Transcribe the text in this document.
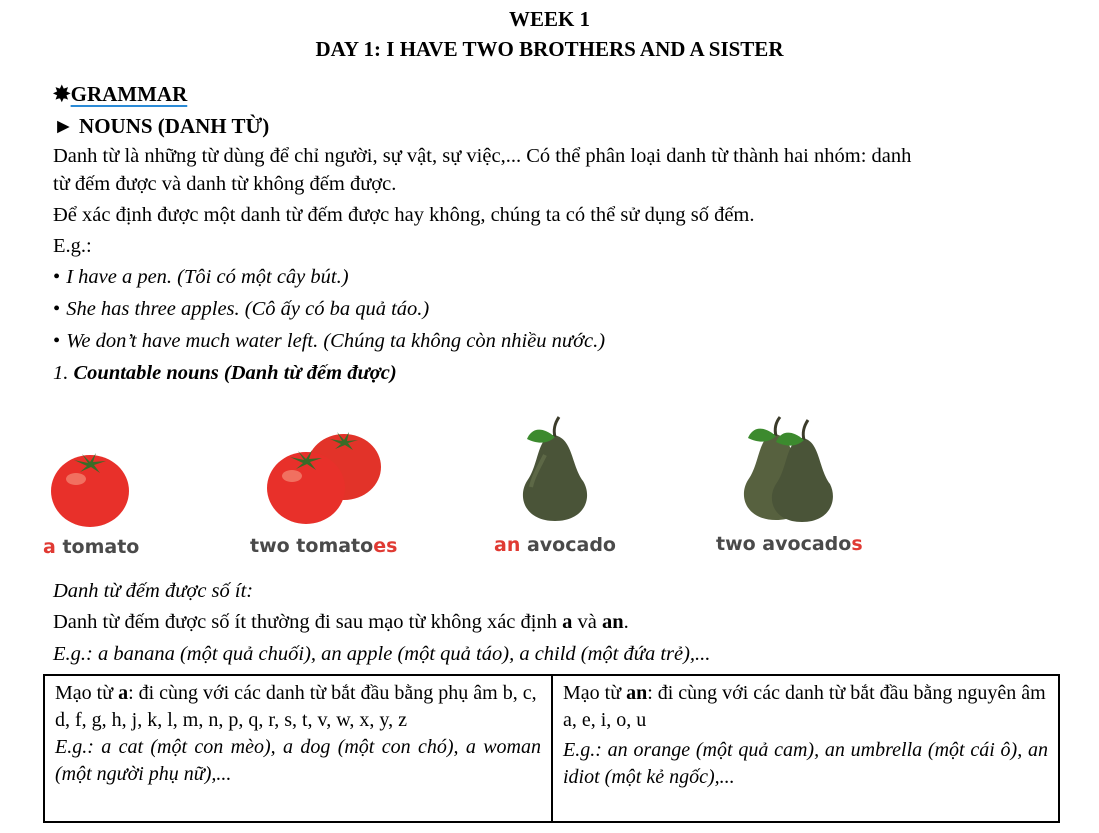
WEEK 1
DAY 1: I HAVE TWO BROTHERS AND A SISTER
✸GRAMMAR
► NOUNS (DANH TỪ)
Danh từ là những từ dùng để chỉ người, sự vật, sự việc,... Có thể phân loại danh từ thành hai nhóm: danh
từ đếm được và danh từ không đếm được.
Để xác định được một danh từ đếm được hay không, chúng ta có thể sử dụng số đếm.
E.g.:
• I have a pen. (Tôi có một cây bút.)
• She has three apples. (Cô ấy có ba quả táo.)
• We don’t have much water left. (Chúng ta không còn nhiều nước.)
1. Countable nouns (Danh từ đếm được)
a tomato	two tomatoes	an avocado	two avocados
Danh từ đếm được số ít:
Danh từ đếm được số ít thường đi sau mạo từ không xác định a và an.
E.g.: a banana (một quả chuối), an apple (một quả táo), a child (một đứa trẻ),...
Mạo từ a: đi cùng với các danh từ bắt đầu bằng phụ âm b, c, d, f, g, h, j, k, l, m, n, p, q, r, s, t, v, w, x, y, z
E.g.: a cat (một con mèo), a dog (một con chó), a woman (một người phụ nữ),...

Mạo từ an: đi cùng với các danh từ bắt đầu bằng nguyên âm a, e, i, o, u
E.g.: an orange (một quả cam), an umbrella (một cái ô), an idiot (một kẻ ngốc),...
